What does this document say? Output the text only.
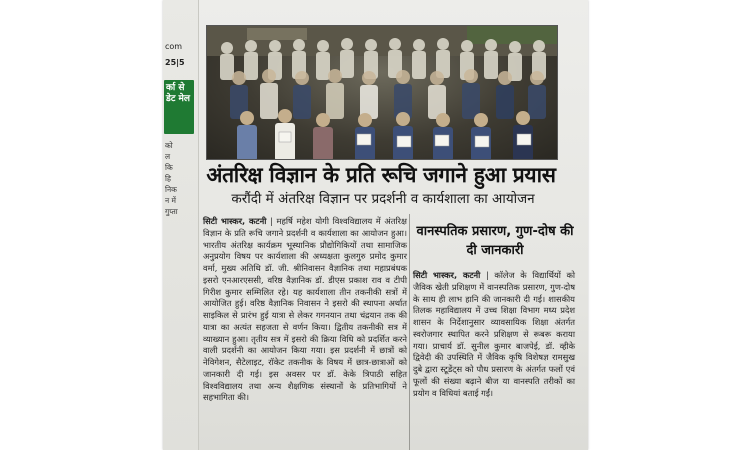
com
25|5
र्का से डेट मेल
को
ल
कि
हि
निक
न में
गुप्ता
अंतरिक्ष विज्ञान के प्रति रूचि जगाने हुआ प्रयास
करौंदी में अंतरिक्ष विज्ञान पर प्रदर्शनी व कार्यशाला का आयोजन
सिटी भास्कर, कटनी | महर्षि महेश योगी विश्वविद्यालय में अंतरिक्ष विज्ञान के प्रति रूचि जगाने प्रदर्शनी व कार्यशाला का आयोजन हुआ। भारतीय अंतरिक्ष कार्यक्रम भूस्थानिक प्रौद्योगिकियों तथा सामाजिक अनुप्रयोग विषय पर कार्यशाला की अध्यक्षता कुलगुरु प्रमोद कुमार वर्मा, मुख्य अतिथि डॉ. जी. श्रीनिवासन वैज्ञानिक तथा महाप्रबंधक इसरो एनआरएससी, वरिष्ठ वैज्ञानिक डॉ. डीएस प्रकाश राव व टीपी गिरीश कुमार सम्मिलित रहे। यह कार्यशाला तीन तकनीकी सत्रों में आयोजित हुई। वरिष्ठ वैज्ञानिक निवासन ने इसरो की स्थापना अर्थात साइकिल से प्रारंभ हुई यात्रा से लेकर गगनयान तथा चंद्रयान तक की यात्रा का अत्यंत सहजता से वर्णन किया। द्वितीय तकनीकी सत्र में व्याख्यान हुआ। तृतीय सत्र में इसरो की क्रिया विधि को प्रदर्शित करने वाली प्रदर्शनी का आयोजन किया गया। इस प्रदर्शनी में छात्रों को नेविगेशन, सैटेलाइट, रॉकेट तकनीक के विषय में छात्र-छात्राओं को जानकारी दी गई। इस अवसर पर डॉ. केके त्रिपाठी सहित विश्वविद्यालय तथा अन्य शैक्षणिक संस्थानों के प्रतिभागियों ने सहभागिता की।
वानस्पतिक प्रसारण, गुण-दोष की दी जानकारी
सिटी भास्कर, कटनी | कॉलेज के विद्यार्थियों को जैविक खेती प्रशिक्षण में वानस्पतिक प्रसारण, गुण-दोष के साथ ही लाभ हानि की जानकारी दी गई। शासकीय तिलक महाविद्यालय में उच्च शिक्षा विभाग मध्य प्रदेश शासन के निर्देशानुसार व्यावसायिक शिक्षा अंतर्गत स्वरोजगार स्थापित करने प्रशिक्षण से रूबरू कराया गया। प्राचार्य डॉ. सुनील कुमार बाजपेई, डॉ. व्हीके द्विवेदी की उपस्थिति में जैविक कृषि विशेषज्ञ रामसुख दुबे द्वारा स्टूडेंट्स को पौध प्रसारण के अंतर्गत फलों एवं फूलों की संख्या बढ़ाने बीज या वानस्पति तरीकों का प्रयोग व विधियां बताई गईं।
